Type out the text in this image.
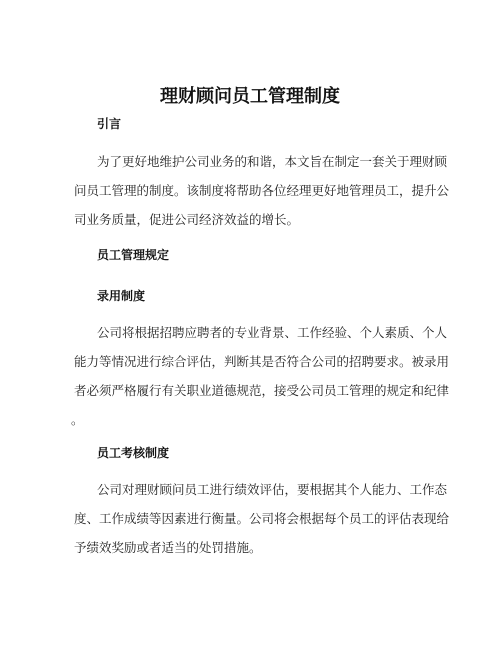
理财顾问员工管理制度
引言
为了更好地维护公司业务的和谐，本文旨在制定一套关于理财顾
问员工管理的制度。该制度将帮助各位经理更好地管理员工，提升公
司业务质量，促进公司经济效益的增长。
员工管理规定
录用制度
公司将根据招聘应聘者的专业背景、工作经验、个人素质、个人
能力等情况进行综合评估，判断其是否符合公司的招聘要求。被录用
者必须严格履行有关职业道德规范，接受公司员工管理的规定和纪律
。
员工考核制度
公司对理财顾问员工进行绩效评估，要根据其个人能力、工作态
度、工作成绩等因素进行衡量。公司将会根据每个员工的评估表现给
予绩效奖励或者适当的处罚措施。
